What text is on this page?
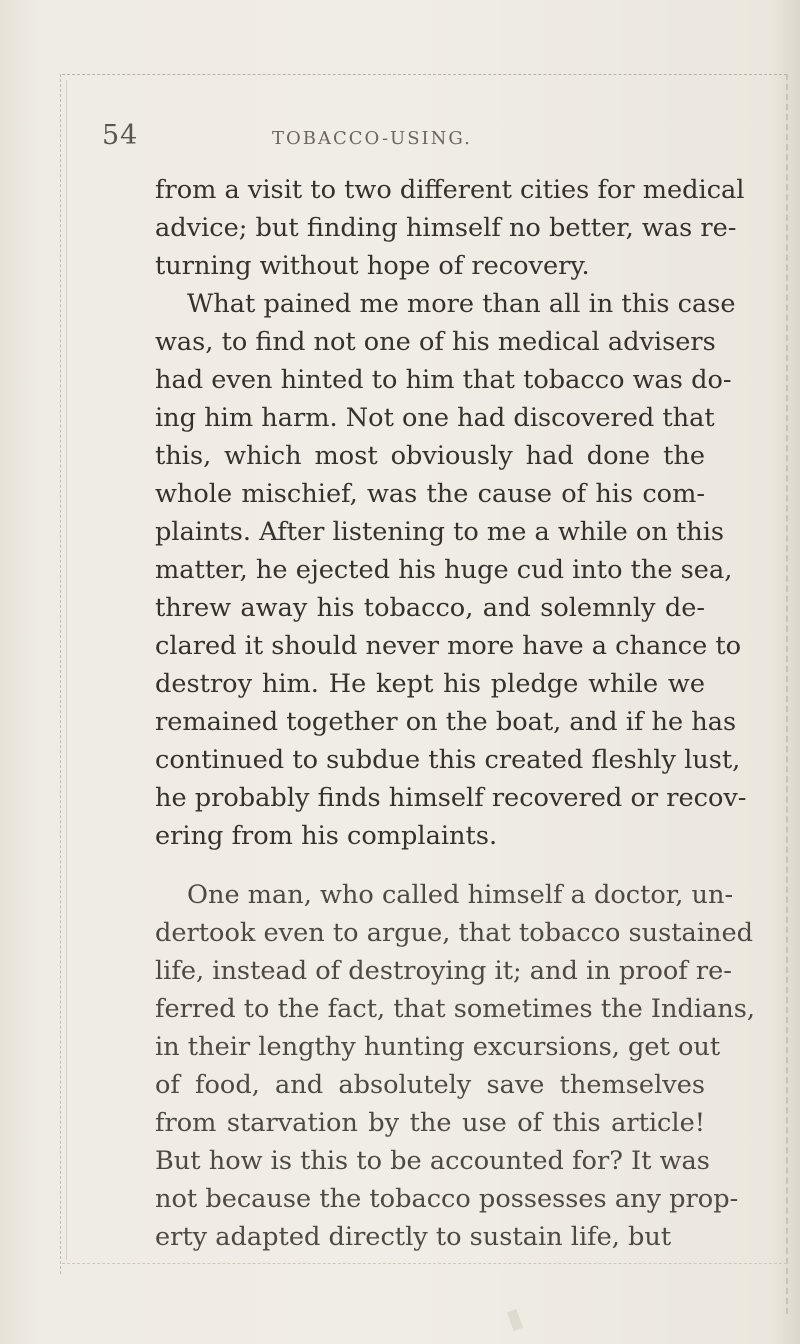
54	TOBACCO-USING.
from a visit to two different cities for medical
advice; but finding himself no better, was re-
turning without hope of recovery.
What pained me more than all in this case
was, to find not one of his medical advisers
had even hinted to him that tobacco was do-
ing him harm. Not one had discovered that
this, which most obviously had done the
whole mischief, was the cause of his com-
plaints. After listening to me a while on this
matter, he ejected his huge cud into the sea,
threw away his tobacco, and solemnly de-
clared it should never more have a chance to
destroy him. He kept his pledge while we
remained together on the boat, and if he has
continued to subdue this created fleshly lust,
he probably finds himself recovered or recov-
ering from his complaints.
One man, who called himself a doctor, un-
dertook even to argue, that tobacco sustained
life, instead of destroying it; and in proof re-
ferred to the fact, that sometimes the Indians,
in their lengthy hunting excursions, get out
of food, and absolutely save themselves
from starvation by the use of this article!
But how is this to be accounted for? It was
not because the tobacco possesses any prop-
erty adapted directly to sustain life, but
